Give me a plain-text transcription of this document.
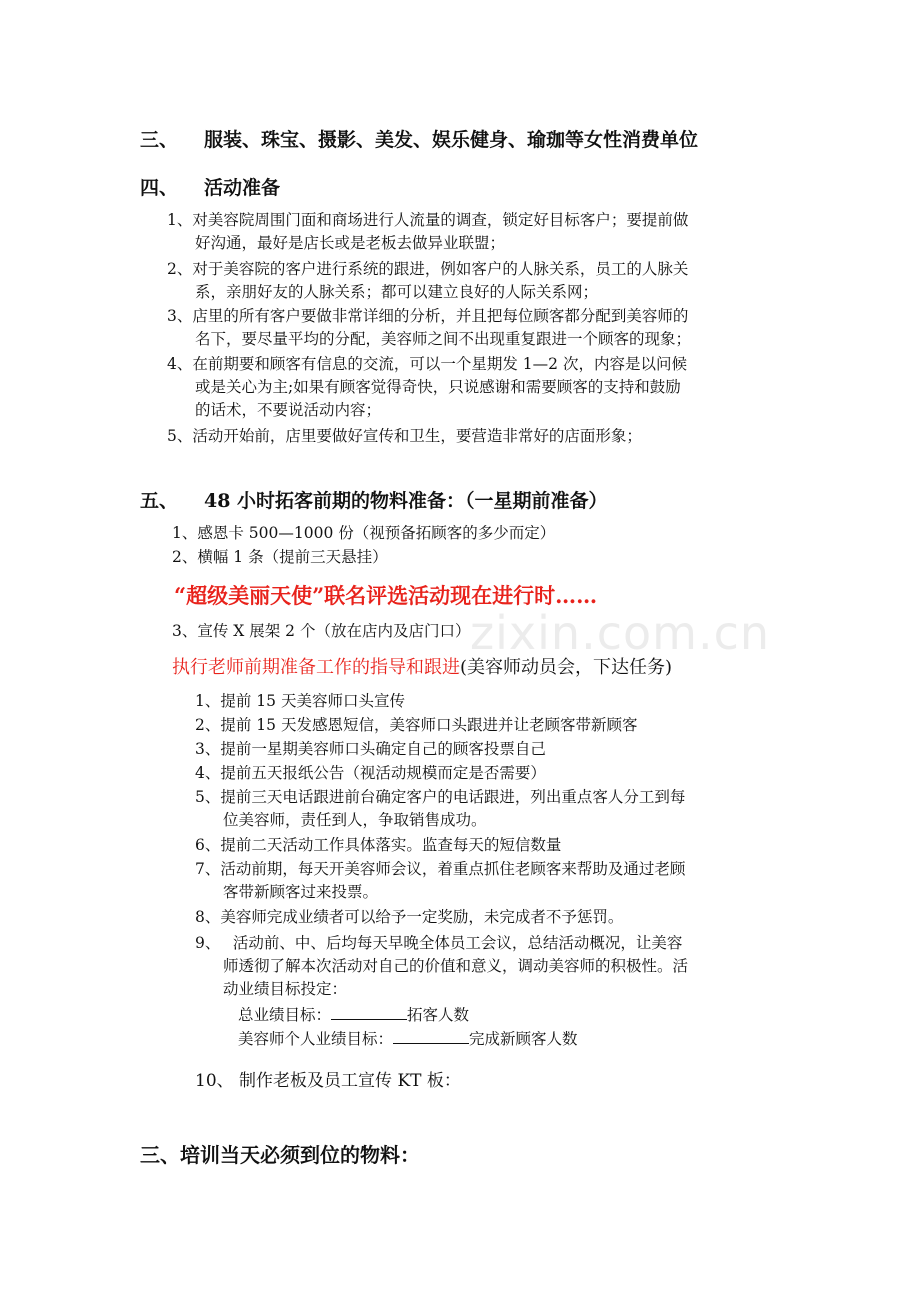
zixin.com.cn
三、 服装、珠宝、摄影、美发、娱乐健身、瑜珈等女性消费单位
四、 活动准备
1、对美容院周围门面和商场进行人流量的调查，锁定好目标客户；要提前做
好沟通，最好是店长或是老板去做异业联盟；
2、对于美容院的客户进行系统的跟进，例如客户的人脉关系，员工的人脉关
系，亲朋好友的人脉关系；都可以建立良好的人际关系网；
3、店里的所有客户要做非常详细的分析，并且把每位顾客都分配到美容师的
名下，要尽量平均的分配，美容师之间不出现重复跟进一个顾客的现象；
4、在前期要和顾客有信息的交流，可以一个星期发 1—2 次，内容是以问候
或是关心为主;如果有顾客觉得奇快，只说感谢和需要顾客的支持和鼓励
的话术，不要说活动内容；
5、活动开始前，店里要做好宣传和卫生，要营造非常好的店面形象；
五、 48 小时拓客前期的物料准备：（一星期前准备）
1、感恩卡 500—1000 份（视预备拓顾客的多少而定）
2、横幅 1 条（提前三天悬挂）
“超级美丽天使”联名评选活动现在进行时……
3、宣传 X 展架 2 个（放在店内及店门口）
执行老师前期准备工作的指导和跟进(美容师动员会，下达任务)
1、提前 15 天美容师口头宣传
2、提前 15 天发感恩短信，美容师口头跟进并让老顾客带新顾客
3、提前一星期美容师口头确定自己的顾客投票自己
4、提前五天报纸公告（视活动规模而定是否需要）
5、提前三天电话跟进前台确定客户的电话跟进，列出重点客人分工到每
位美容师，责任到人，争取销售成功。
6、提前二天活动工作具体落实。监查每天的短信数量
7、活动前期，每天开美容师会议，着重点抓住老顾客来帮助及通过老顾
客带新顾客过来投票。
8、美容师完成业绩者可以给予一定奖励，未完成者不予惩罚。
9、  活动前、中、后均每天早晚全体员工会议，总结活动概况，让美容
师透彻了解本次活动对自己的价值和意义，调动美容师的积极性。活
动业绩目标投定：
总业绩目标：	拓客人数
美容师个人业绩目标：	完成新顾客人数
10、 制作老板及员工宣传 KT 板：
三、培训当天必须到位的物料：
